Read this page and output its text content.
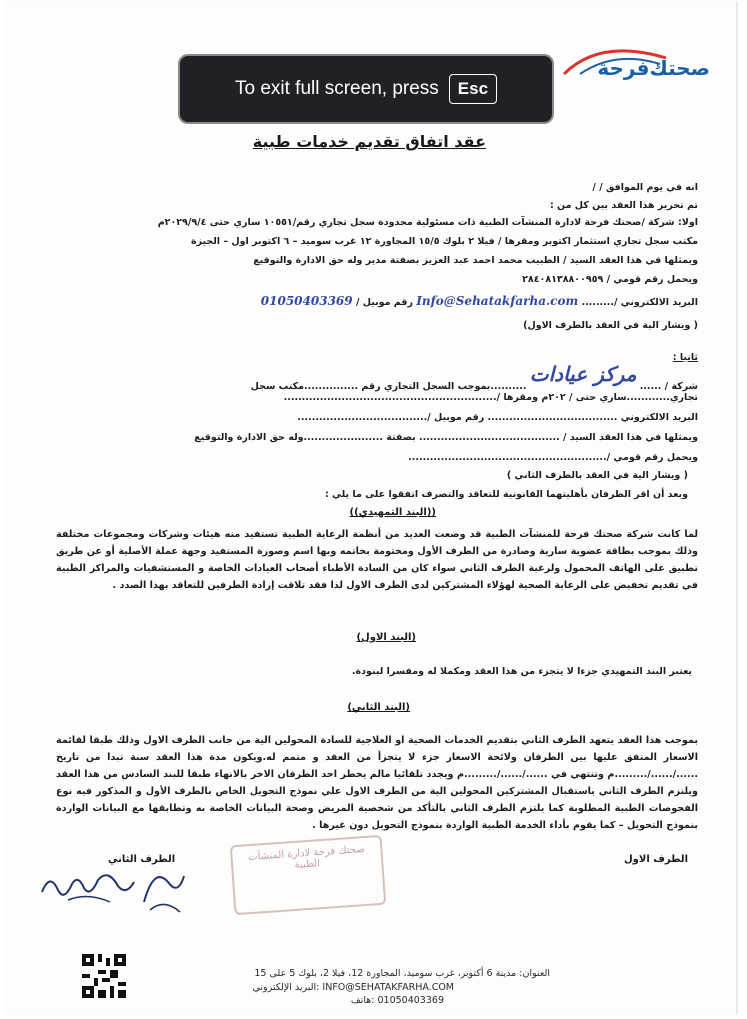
صحتك‌فرحة
عقد اتفاق تقديم خدمات طبية
انه في يوم الموافق / /
تم تحرير هذا العقد بين كل من :
اولا: شركة /صحتك فرحة لادارة المنشآت الطبية ذات مسئولية محدودة سجل تجاري رقم/١٠٥٥١ ساري حتى ٢٠٢٩/٩/٤م
مكتب سجل تجاري استثمار اكتوبر ومقرها / فيلا ٢ بلوك ١٥/٥ المجاورة ١٢ غرب سوميد – ٦ اكتوبر اول – الجيزة
ويمثلها في هذا العقد السيد / الطبيب محمد احمد عبد العزيز بصفتة مدير وله حق الادارة والتوقيع
ويحمل رقم قومي / ٢٨٤٠٨١٣٨٨٠٠٩٥٩
البريد الالكتروني /......... Info@Sehatakfarha.com رقم موبيل / 01050403369
( ويشار الية في العقد بالطرف الاول)
ثانيا :
شركة / ...... مركز عيادات ..........بموجب السجل التجاري رقم ...............مكتب سجل
تجاري............ساري حتى / ٢٠٢م ومقرها /...........................................................
البريد الالكتروني .................................... رقم موبيل /....................................
ويمثلها في هذا العقد السيد / ....................................... بصفتة ......................وله حق الادارة والتوقيع
ويحمل رقم قومي /.......................................................
( ويشار الية في العقد بالطرف الثاني )
وبعد أن اقر الطرفان بأهليتهما القانونية للتعاقد والتصرف اتفقوا على ما يلي :
((البند التمهيدي))
لما كانت شركة صحتك فرحة للمنشآت الطبية قد وضعت العديد من أنظمة الرعاية الطبية تستفيد منه هيئات وشركات ومجموعات مختلفة وذلك بموجب بطاقة عضوية سارية وصادرة من الطرف الأول ومختومة بخاتمه وبها اسم وصورة المستفيد وجهة عملة الأصلية أو عن طريق تطبيق على الهاتف المحمول ولرغبة الطرف الثاني سواء كان من السادة الأطباء أصحاب العيادات الخاصة و المستشفيات والمراكز الطبية في تقديم تخفيض على الرعاية الصحية لهؤلاء المشتركين لدى الطرف الاول لذا فقد تلاقت إرادة الطرفين للتعاقد بهذا الصدد .
(البند الاول)
يعتبر البند التمهيدي جزءا لا يتجزء من هذا العقد ومكملا له ومفسرا لبنودة.
(البند الثاني)
بموجب هذا العقد يتعهد الطرف الثاني بتقديم الخدمات الصحية او العلاجية للسادة المحولين الية من جانب الطرف الاول وذلك طبقا لقائمة الاسعار المتفق عليها بين الطرفان ولائحة الاسعار جزء لا يتجزأ من العقد و متمم له.ويكون مدة هذا العقد سنة تبدا من تاريخ ....../....../.........م وتنتهي في ....../....../.........م ويجدد تلقائيا مالم يخطر احد الطرفان الاخر بالانهاء طبقا للبند السادس من هذا العقد ويلتزم الطرف الثاني باستقبال المشتركين المحولين الية من الطرف الاول علي نموذج التحويل الخاص بالطرف الأول و المذكور فيه نوع الفحوصات الطبية المطلوبة كما يلتزم الطرف الثاني بالتأكد من شخصية المريض وصحة البيانات الخاصة به وتطابقها مع البيانات الواردة بنموذج التحويل – كما يقوم بأداء الخدمة الطبية الواردة بنموذج التحويل دون غيرها .
الطرف الاول
الطرف الثاني	صحتك فرحة لادارة المنشآت الطبية
العنوان: مدينة 6 أكتوبر، غرب سوميد، المجاورة 12، فيلا 2، بلوك 5 على 15
INFO@SEHATAKFARHA.COM :البريد الإلكتروني
01050403369 :هاتف
To exit full screen, press	Esc
